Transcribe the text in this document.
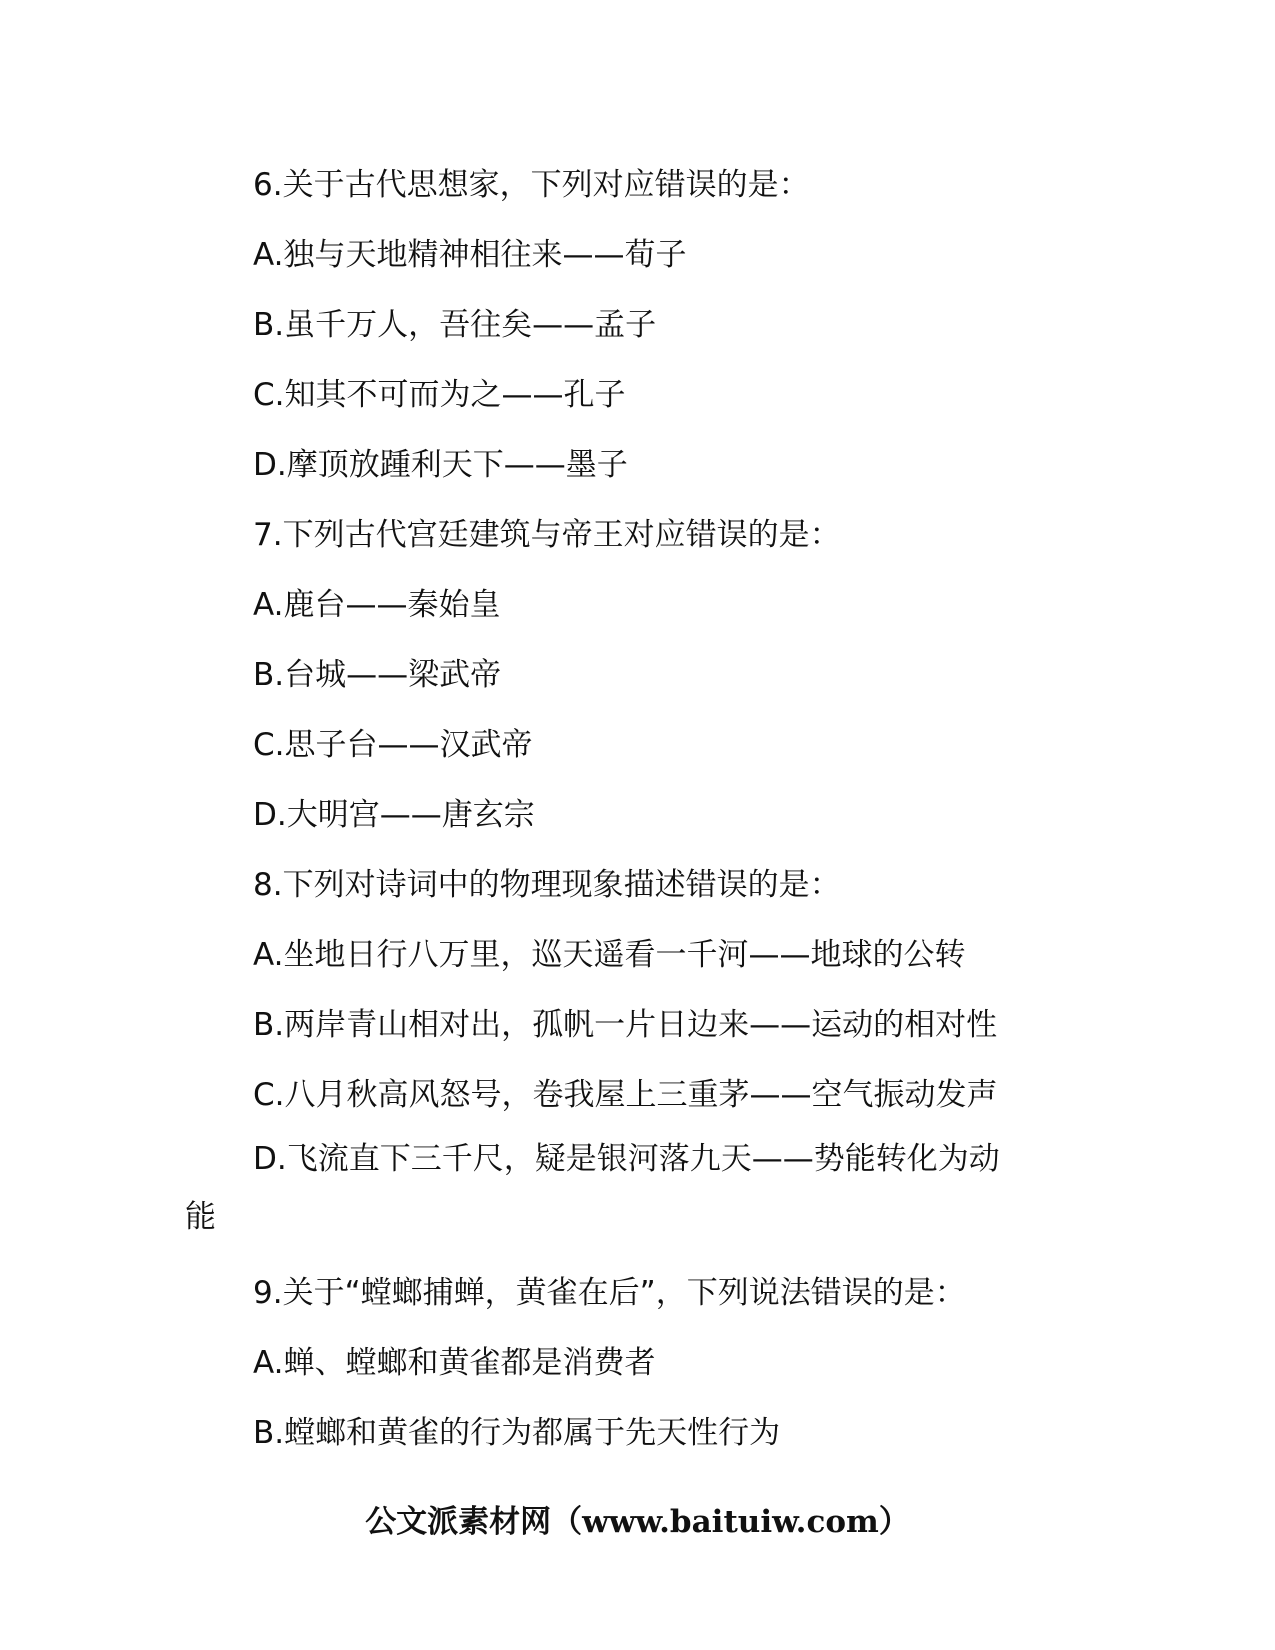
6.关于古代思想家，下列对应错误的是：
A.独与天地精神相往来——荀子
B.虽千万人，吾往矣——孟子
C.知其不可而为之——孔子
D.摩顶放踵利天下——墨子
7.下列古代宫廷建筑与帝王对应错误的是：
A.鹿台——秦始皇
B.台城——梁武帝
C.思子台——汉武帝
D.大明宫——唐玄宗
8.下列对诗词中的物理现象描述错误的是：
A.坐地日行八万里，巡天遥看一千河——地球的公转
B.两岸青山相对出，孤帆一片日边来——运动的相对性
C.八月秋高风怒号，卷我屋上三重茅——空气振动发声
D.飞流直下三千尺，疑是银河落九天——势能转化为动
能
9.关于“螳螂捕蝉，黄雀在后”，下列说法错误的是：
A.蝉、螳螂和黄雀都是消费者
B.螳螂和黄雀的行为都属于先天性行为
公文派素材网（www.baituiw.com）
